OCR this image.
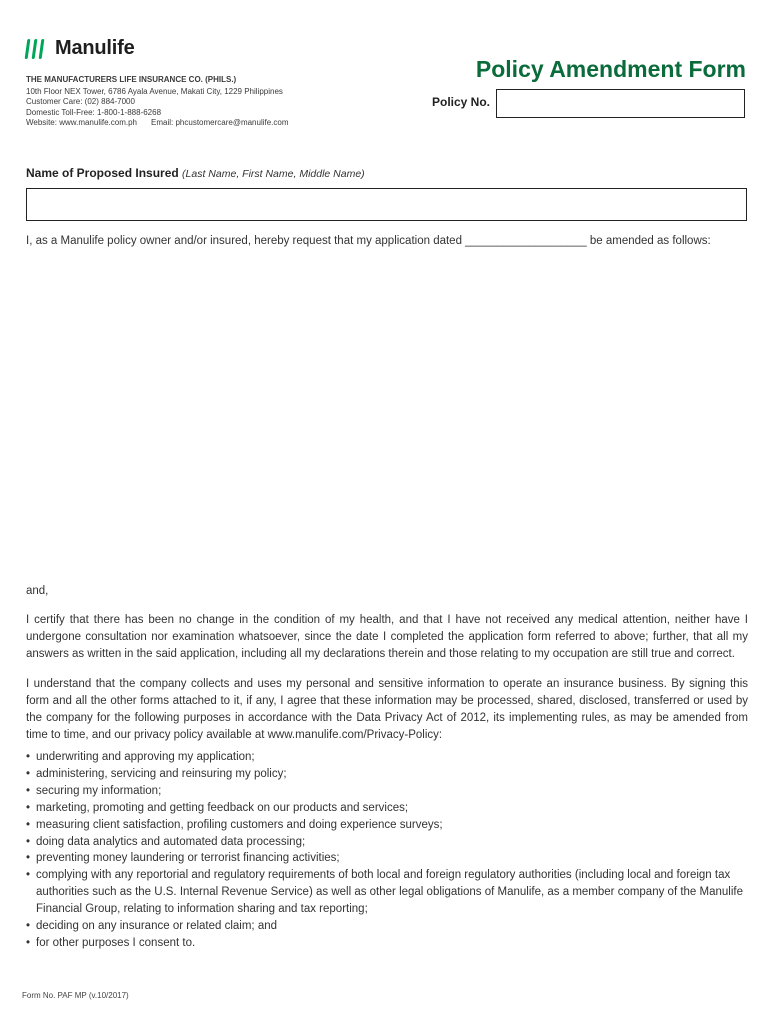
Manulife
THE MANUFACTURERS LIFE INSURANCE CO. (PHILS.)
10th Floor NEX Tower, 6786 Ayala Avenue, Makati City, 1229 Philippines
Customer Care: (02) 884-7000
Domestic Toll-Free: 1-800-1-888-6268
Website: www.manulife.com.ph Email: phcustomercare@manulife.com
Policy Amendment Form
Policy No.
Name of Proposed Insured (Last Name, First Name, Middle Name)
I, as a Manulife policy owner and/or insured, hereby request that my application dated ___________________ be amended as follows:
and,
I certify that there has been no change in the condition of my health, and that I have not received any medical attention, neither have I undergone consultation nor examination whatsoever, since the date I completed the application form referred to above; further, that all my answers as written in the said application, including all my declarations therein and those relating to my occupation are still true and correct.
I understand that the company collects and uses my personal and sensitive information to operate an insurance business. By signing this form and all the other forms attached to it, if any, I agree that these information may be processed, shared, disclosed, transferred or used by the company for the following purposes in accordance with the Data Privacy Act of 2012, its implementing rules, as may be amended from time to time, and our privacy policy available at www.manulife.com/Privacy-Policy:
• underwriting and approving my application;
• administering, servicing and reinsuring my policy;
• securing my information;
• marketing, promoting and getting feedback on our products and services;
• measuring client satisfaction, profiling customers and doing experience surveys;
• doing data analytics and automated data processing;
• preventing money laundering or terrorist financing activities;
• complying with any reportorial and regulatory requirements of both local and foreign regulatory authorities (including local and foreign tax authorities such as the U.S. Internal Revenue Service) as well as other legal obligations of Manulife, as a member company of the Manulife Financial Group, relating to information sharing and tax reporting;
• deciding on any insurance or related claim; and
• for other purposes I consent to.
Form No. PAF MP (v.10/2017)
